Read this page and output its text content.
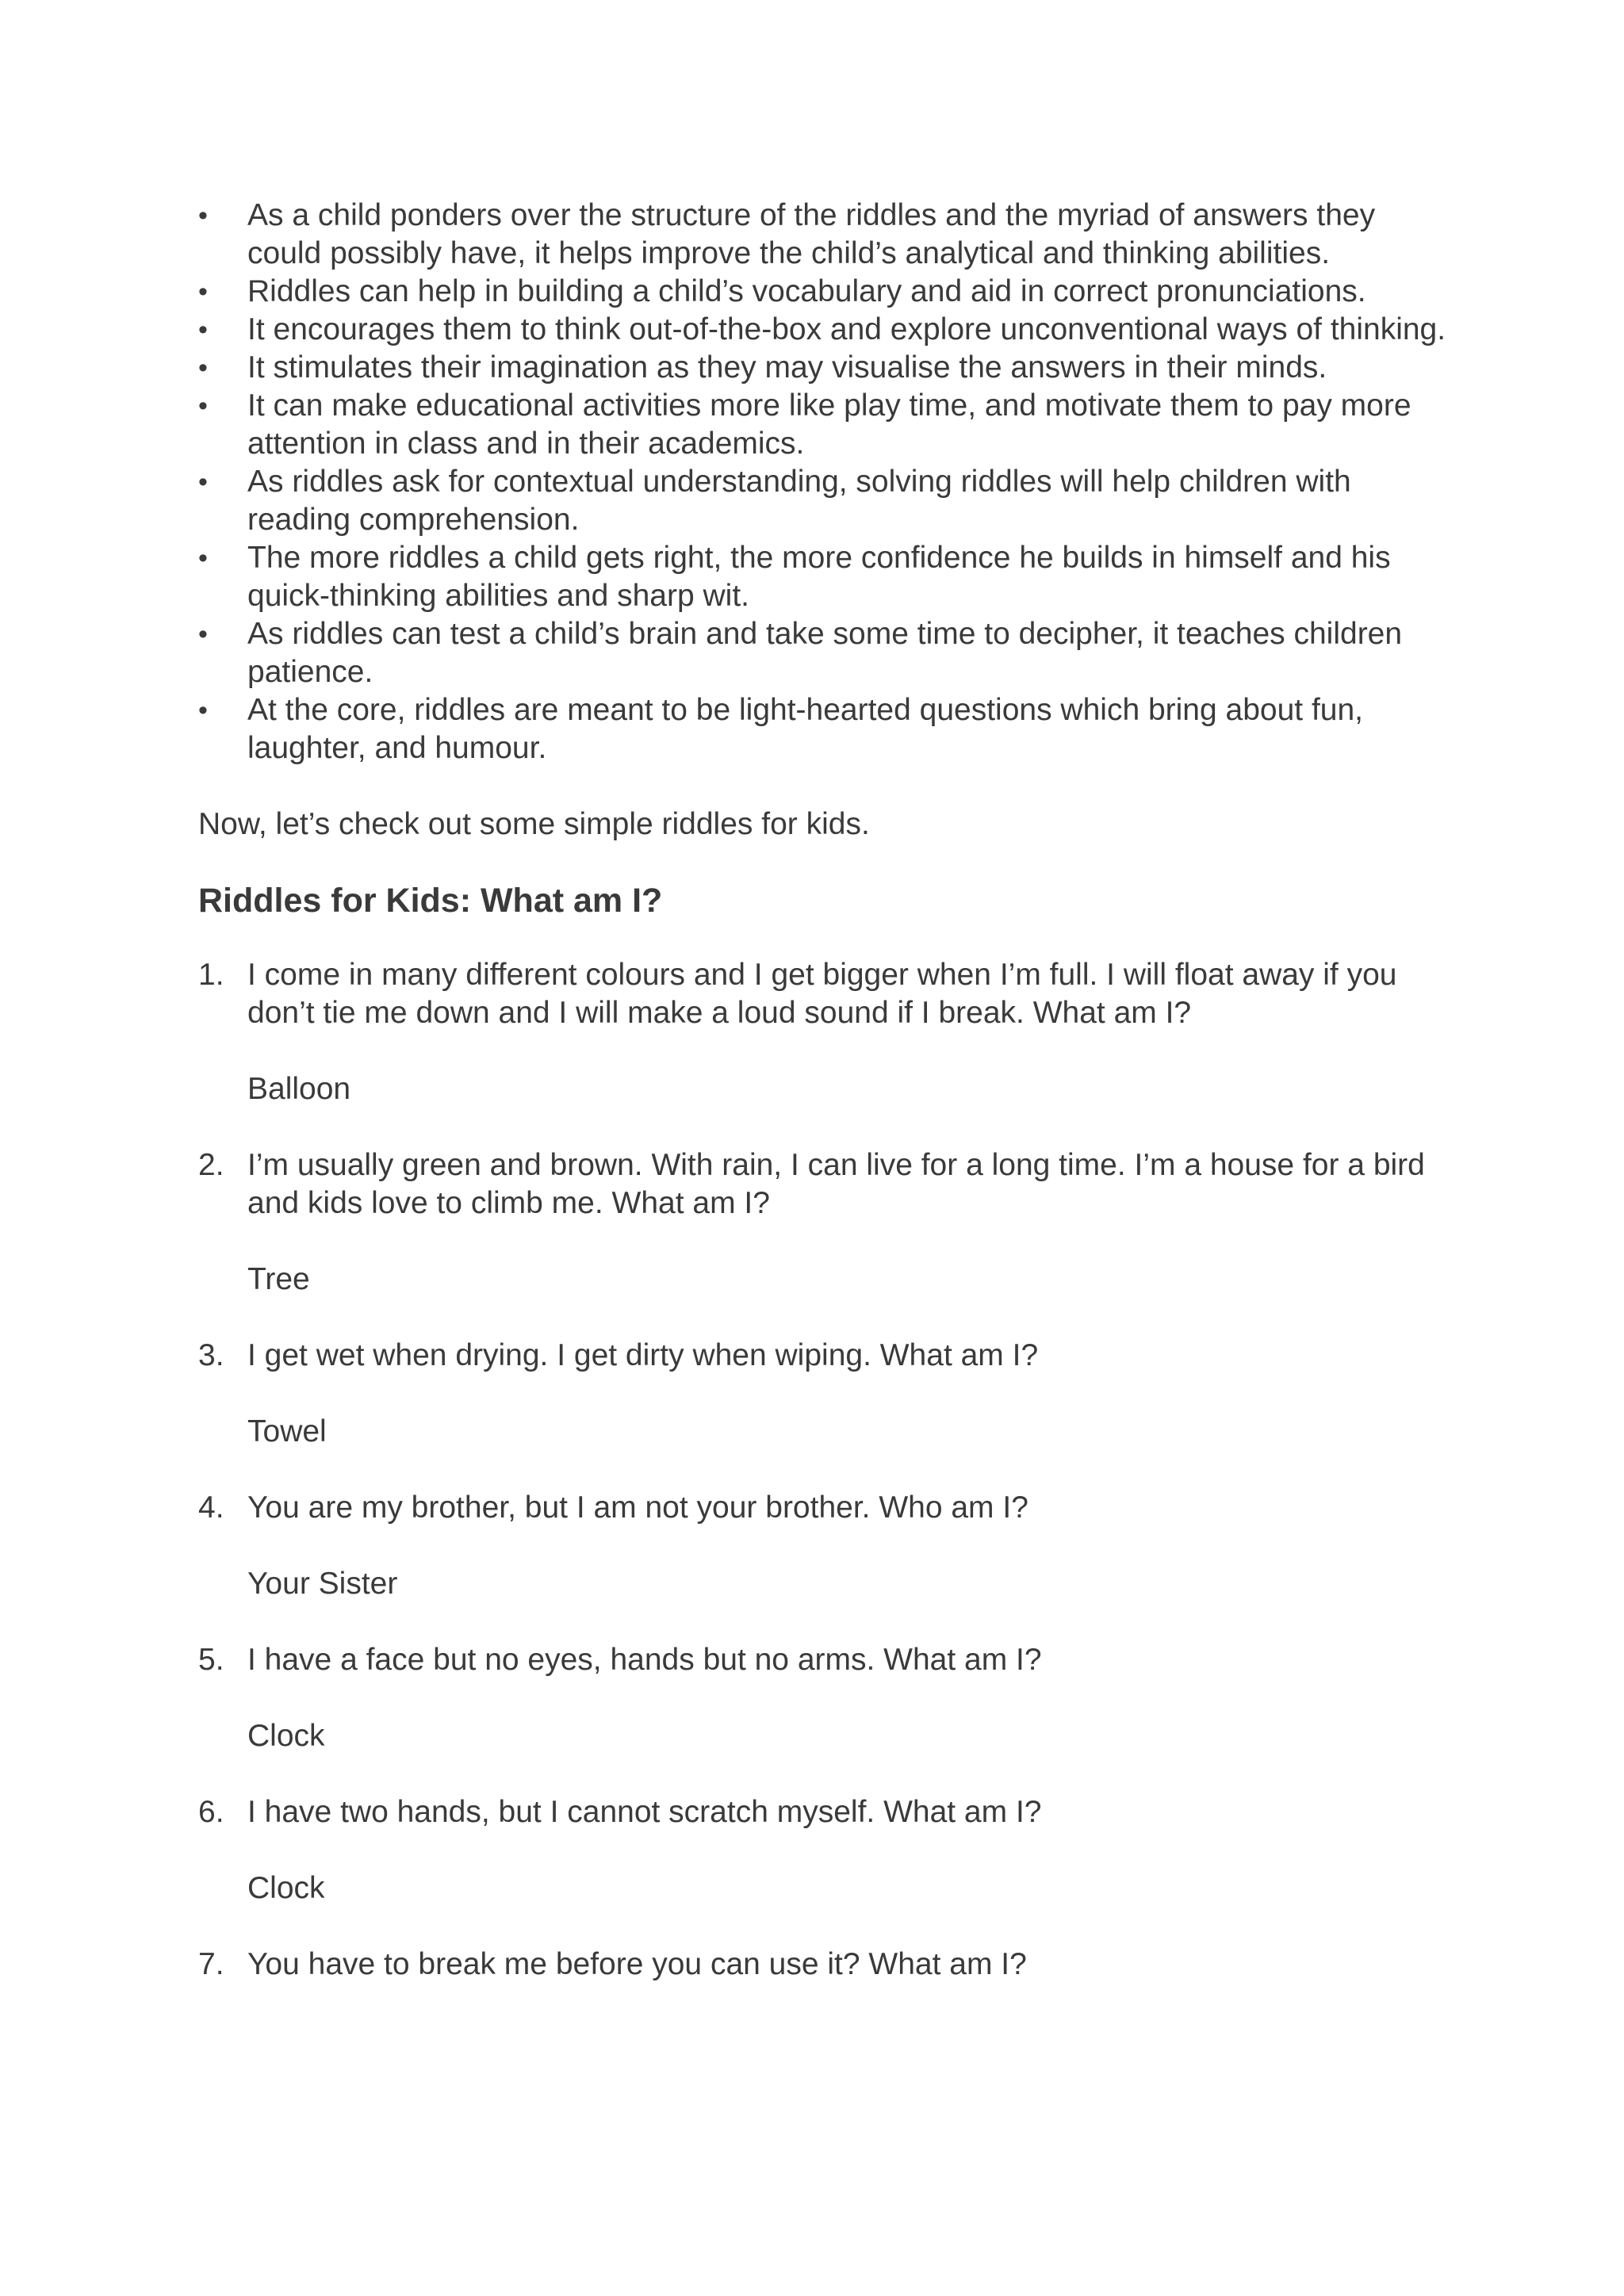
•	As a child ponders over the structure of the riddles and the myriad of answers they could possibly have, it helps improve the child’s analytical and thinking abilities.
•	Riddles can help in building a child’s vocabulary and aid in correct pronunciations.
•	It encourages them to think out-of-the-box and explore unconventional ways of thinking.
•	It stimulates their imagination as they may visualise the answers in their minds.
•	It can make educational activities more like play time, and motivate them to pay more attention in class and in their academics.
•	As riddles ask for contextual understanding, solving riddles will help children with reading comprehension.
•	The more riddles a child gets right, the more confidence he builds in himself and his quick-thinking abilities and sharp wit.
•	As riddles can test a child’s brain and take some time to decipher, it teaches children patience.
•	At the core, riddles are meant to be light-hearted questions which bring about fun, laughter, and humour.

Now, let’s check out some simple riddles for kids.

Riddles for Kids: What am I?
1. I come in many different colours and I get bigger when I’m full. I will float away if you don’t tie me down and I will make a loud sound if I break. What am I?
Balloon
2. I’m usually green and brown. With rain, I can live for a long time. I’m a house for a bird and kids love to climb me. What am I?
Tree
3. I get wet when drying. I get dirty when wiping. What am I?
Towel
4. You are my brother, but I am not your brother. Who am I?
Your Sister
5. I have a face but no eyes, hands but no arms. What am I?
Clock
6. I have two hands, but I cannot scratch myself. What am I?
Clock
7. You have to break me before you can use it? What am I?
